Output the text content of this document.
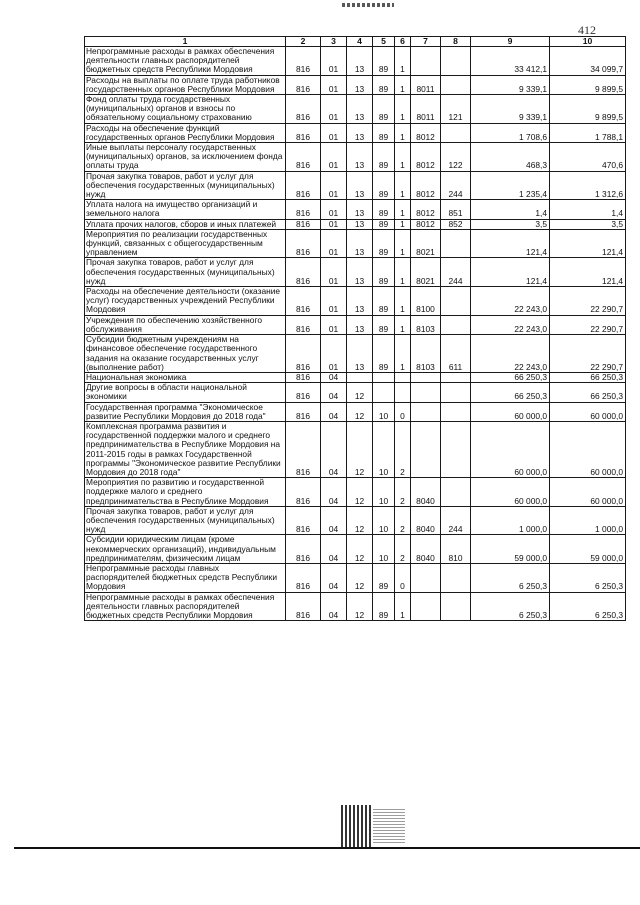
412
1	2	3	4	5	6	7	8	9	10
Непрограммные расходы в рамках обеспечения деятельности главных распорядителей бюджетных средств Республики Мордовия	816	01	13	89	1			33 412,1	34 099,7
Расходы на выплаты по оплате труда работников государственных органов Республики Мордовия	816	01	13	89	1	8011		9 339,1	9 899,5
Фонд оплаты труда государственных (муниципальных) органов и взносы по обязательному социальному страхованию	816	01	13	89	1	8011	121	9 339,1	9 899,5
Расходы на обеспечение функций государственных органов Республики Мордовия	816	01	13	89	1	8012		1 708,6	1 788,1
Иные выплаты персоналу государственных (муниципальных) органов, за исключением фонда оплаты труда	816	01	13	89	1	8012	122	468,3	470,6
Прочая закупка товаров, работ и услуг для обеспечения государственных (муниципальных) нужд	816	01	13	89	1	8012	244	1 235,4	1 312,6
Уплата налога на имущество организаций и земельного налога	816	01	13	89	1	8012	851	1,4	1,4
Уплата прочих налогов, сборов и иных платежей	816	01	13	89	1	8012	852	3,5	3,5
Мероприятия по реализации государственных функций, связанных с общегосударственным управлением	816	01	13	89	1	8021		121,4	121,4
Прочая закупка товаров, работ и услуг для обеспечения государственных (муниципальных) нужд	816	01	13	89	1	8021	244	121,4	121,4
Расходы на обеспечение деятельности (оказание услуг) государственных учреждений Республики Мордовия	816	01	13	89	1	8100		22 243,0	22 290,7
Учреждения по обеспечению хозяйственного обслуживания	816	01	13	89	1	8103		22 243,0	22 290,7
Субсидии бюджетным учреждениям на финансовое обеспечение государственного задания на оказание государственных услуг (выполнение работ)	816	01	13	89	1	8103	611	22 243,0	22 290,7
Национальная экономика	816	04						66 250,3	66 250,3
Другие вопросы в области национальной экономики	816	04	12					66 250,3	66 250,3
Государственная программа "Экономическое развитие Республики Мордовия до 2018 года"	816	04	12	10	0			60 000,0	60 000,0
Комплексная программа развития и государственной поддержки малого и среднего предпринимательства в Республике Мордовия на 2011-2015 годы в рамках Государственной программы "Экономическое развитие Республики Мордовия до 2018 года"	816	04	12	10	2			60 000,0	60 000,0
Мероприятия по развитию и государственной поддержке малого и среднего предпринимательства в Республике Мордовия	816	04	12	10	2	8040		60 000,0	60 000,0
Прочая закупка товаров, работ и услуг для обеспечения государственных (муниципальных) нужд	816	04	12	10	2	8040	244	1 000,0	1 000,0
Субсидии юридическим лицам (кроме некоммерческих организаций), индивидуальным предпринимателям, физическим лицам	816	04	12	10	2	8040	810	59 000,0	59 000,0
Непрограммные расходы главных распорядителей бюджетных средств Республики Мордовия	816	04	12	89	0			6 250,3	6 250,3
Непрограммные расходы в рамках обеспечения деятельности главных распорядителей бюджетных средств Республики Мордовия	816	04	12	89	1			6 250,3	6 250,3
